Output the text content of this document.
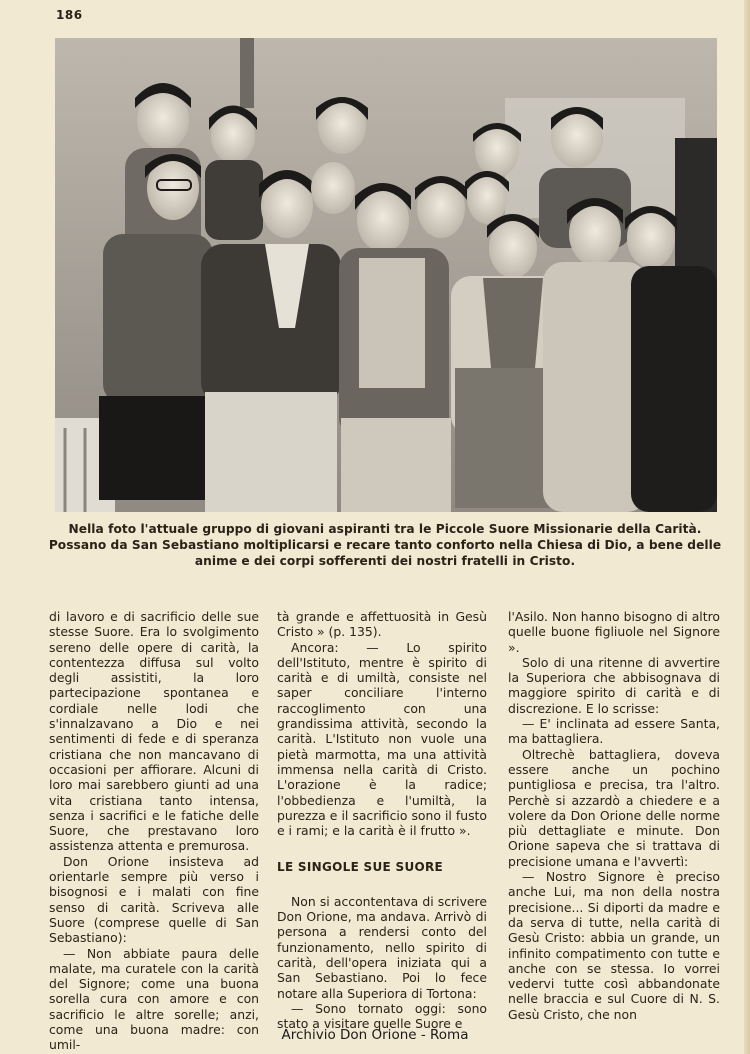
186
Nella foto l'attuale gruppo di giovani aspiranti tra le Piccole Suore Missionarie della Carità. Possano da San Sebastiano moltiplicarsi e recare tanto conforto nella Chiesa di Dio, a bene delle anime e dei corpi sofferenti dei nostri fratelli in Cristo.

di lavoro e di sacrificio delle sue stesse Suore. Era lo svolgimento sereno delle opere di carità, la contentezza diffusa sul volto degli assistiti, la loro partecipazione spontanea e cordiale nelle lodi che s'innalzavano a Dio e nei sentimenti di fede e di speranza cristiana che non mancavano di occasioni per affiorare. Alcuni di loro mai sarebbero giunti ad una vita cristiana tanto intensa, senza i sacrifici e le fatiche delle Suore, che prestavano loro assistenza attenta e premurosa.

Don Orione insisteva ad orientarle sempre più verso i bisognosi e i malati con fine senso di carità. Scriveva alle Suore (comprese quelle di San Sebastiano):

— Non abbiate paura delle malate, ma curatele con la carità del Signore; come una buona sorella cura con amore e con sacrificio le altre sorelle; anzi, come una buona madre: con umil-

tà grande e affettuosità in Gesù Cristo » (p. 135).

Ancora: — Lo spirito dell'Istituto, mentre è spirito di carità e di umiltà, consiste nel saper conciliare l'interno raccoglimento con una grandissima attività, secondo la carità. L'Istituto non vuole una pietà marmotta, ma una attività immensa nella carità di Cristo. L'orazione è la radice; l'obbedienza e l'umiltà, la purezza e il sacrificio sono il fusto e i rami; e la carità è il frutto ».

LE SINGOLE SUE SUORE

Non si accontentava di scrivere Don Orione, ma andava. Arrivò di persona a rendersi conto del funzionamento, nello spirito di carità, dell'opera iniziata qui a San Sebastiano. Poi lo fece notare alla Superiora di Tortona:

— Sono tornato oggi: sono stato a visitare quelle Suore e

l'Asilo. Non hanno bisogno di altro quelle buone figliuole nel Signore ».

Solo di una ritenne di avvertire la Superiora che abbisognava di maggiore spirito di carità e di discrezione. E lo scrisse:

— E' inclinata ad essere Santa, ma battagliera.

Oltrechè battagliera, doveva essere anche un pochino puntigliosa e precisa, tra l'altro. Perchè si azzardò a chiedere e a volere da Don Orione delle norme più dettagliate e minute. Don Orione sapeva che si trattava di precisione umana e l'avvertì:

— Nostro Signore è preciso anche Lui, ma non della nostra precisione... Si diporti da madre e da serva di tutte, nella carità di Gesù Cristo: abbia un grande, un infinito compatimento con tutte e anche con se stessa. Io vorrei vedervi tutte così abbandonate nelle braccia e sul Cuore di N. S. Gesù Cristo, che non

Archivio Don Orione - Roma
